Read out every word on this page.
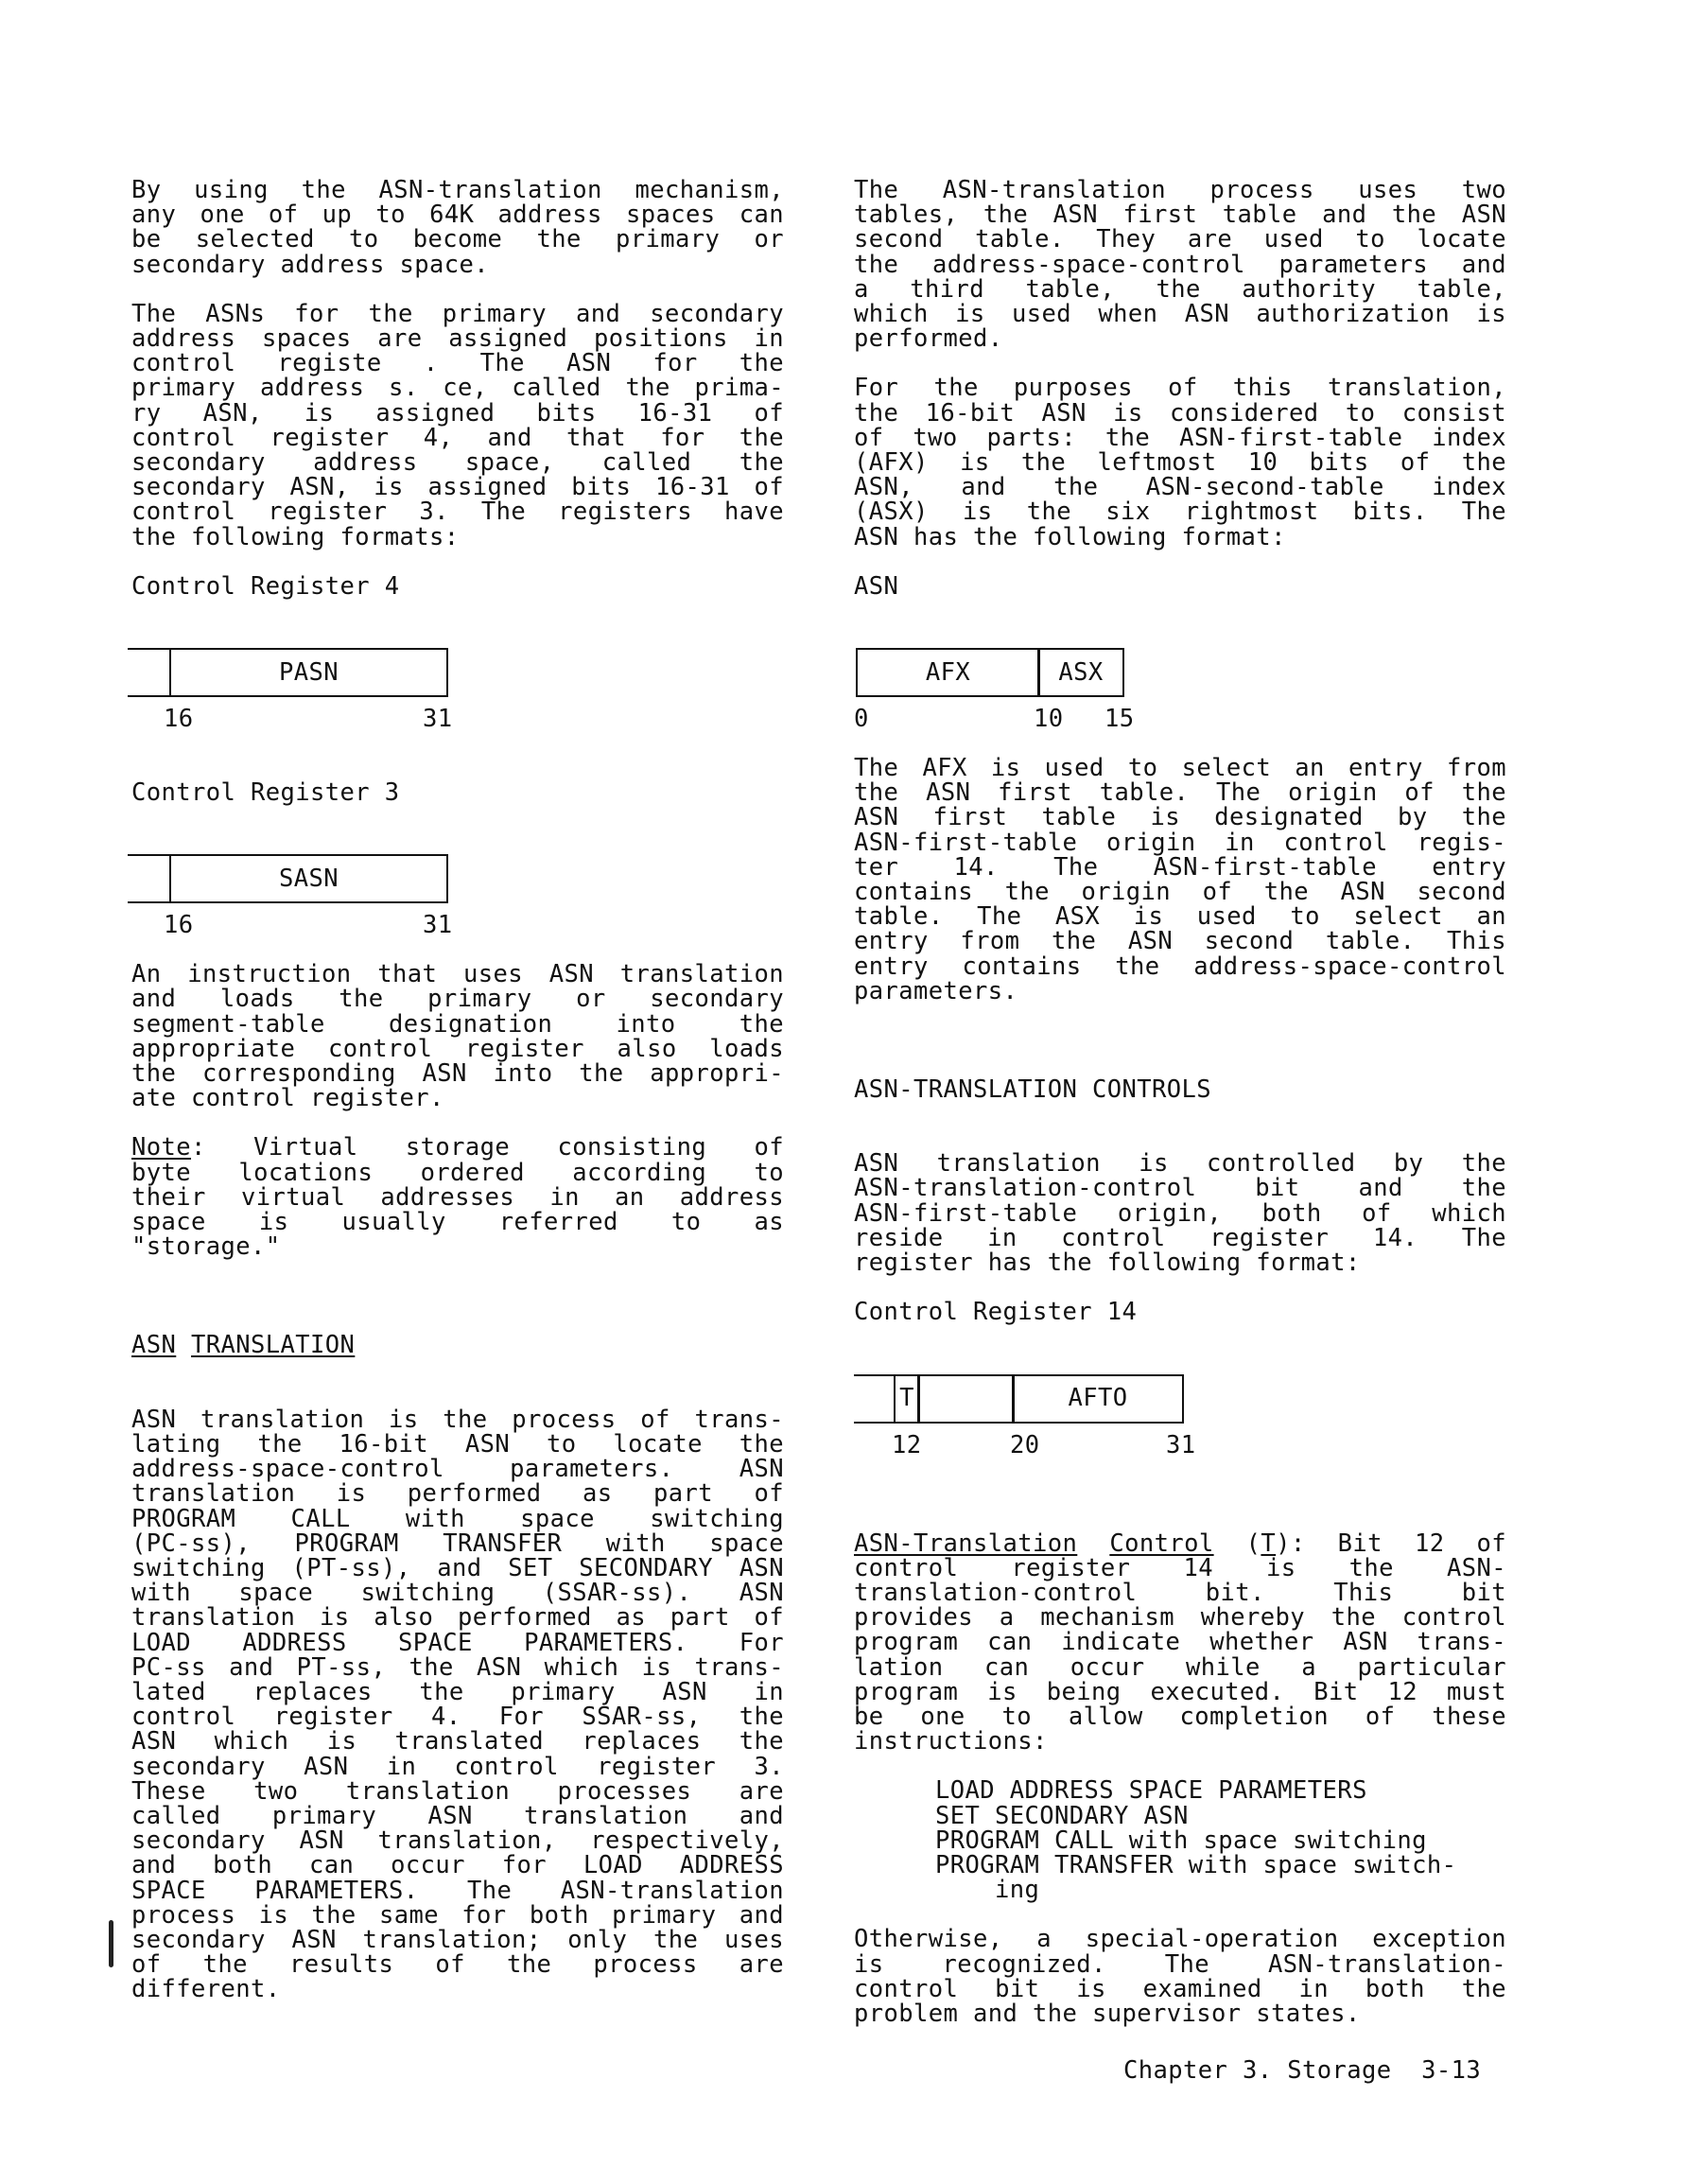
By using the ASN-translation mechanism,
any one of up to 64K address spaces can
be selected to become the primary or
secondary address space.
The ASNs for the primary and secondary
address spaces are assigned positions in
control registe . The ASN for the
primary address s. ce, called the prima-
ry ASN, is assigned bits 16-31 of
control register 4, and that for the
secondary address space, called the
secondary ASN, is assigned bits 16-31 of
control register 3. The registers have
the following formats:
Control Register 4
PASN
16	31
Control Register 3
SASN
16	31
An instruction that uses ASN translation
and loads the primary or secondary
segment-table designation into the
appropriate control register also loads
the corresponding ASN into the appropri-
ate control register.
Note: Virtual storage consisting of
byte locations ordered according to
their virtual addresses in an address
space is usually referred to as
"storage."
ASN TRANSLATION
ASN translation is the process of trans-
lating the 16-bit ASN to locate the
address-space-control parameters. ASN
translation is performed as part of
PROGRAM CALL with space switching
(PC-ss), PROGRAM TRANSFER with space
switching (PT-ss), and SET SECONDARY ASN
with space switching (SSAR-ss). ASN
translation is also performed as part of
LOAD ADDRESS SPACE PARAMETERS. For
PC-ss and PT-ss, the ASN which is trans-
lated replaces the primary ASN in
control register 4. For SSAR-ss, the
ASN which is translated replaces the
secondary ASN in control register 3.
These two translation processes are
called primary ASN translation and
secondary ASN translation, respectively,
and both can occur for LOAD ADDRESS
SPACE PARAMETERS. The ASN-translation
process is the same for both primary and
secondary ASN translation; only the uses
of the results of the process are
different.
The ASN-translation process uses two
tables, the ASN first table and the ASN
second table. They are used to locate
the address-space-control parameters and
a third table, the authority table,
which is used when ASN authorization is
performed.
For the purposes of this translation,
the 16-bit ASN is considered to consist
of two parts: the ASN-first-table index
(AFX) is the leftmost 10 bits of the
ASN, and the ASN-second-table index
(ASX) is the six rightmost bits. The
ASN has the following format:
ASN
AFX	ASX
0	10 15
The AFX is used to select an entry from
the ASN first table. The origin of the
ASN first table is designated by the
ASN-first-table origin in control regis-
ter 14. The ASN-first-table entry
contains the origin of the ASN second
table. The ASX is used to select an
entry from the ASN second table. This
entry contains the address-space-control
parameters.
ASN-TRANSLATION CONTROLS
ASN translation is controlled by the
ASN-translation-control bit and the
ASN-first-table origin, both of which
reside in control register 14. The
register has the following format:
Control Register 14
T	AFTO
12	20	31
ASN-Translation Control (T): Bit 12 of
control register 14 is the ASN-
translation-control bit. This bit
provides a mechanism whereby the control
program can indicate whether ASN trans-
lation can occur while a particular
program is being executed. Bit 12 must
be one to allow completion of these
instructions:
LOAD ADDRESS SPACE PARAMETERS
SET SECONDARY ASN
PROGRAM CALL with space switching
PROGRAM TRANSFER with space switch-
ing
Otherwise, a special-operation exception
is recognized. The ASN-translation-
control bit is examined in both the
problem and the supervisor states.
Chapter 3. Storage 3-13
